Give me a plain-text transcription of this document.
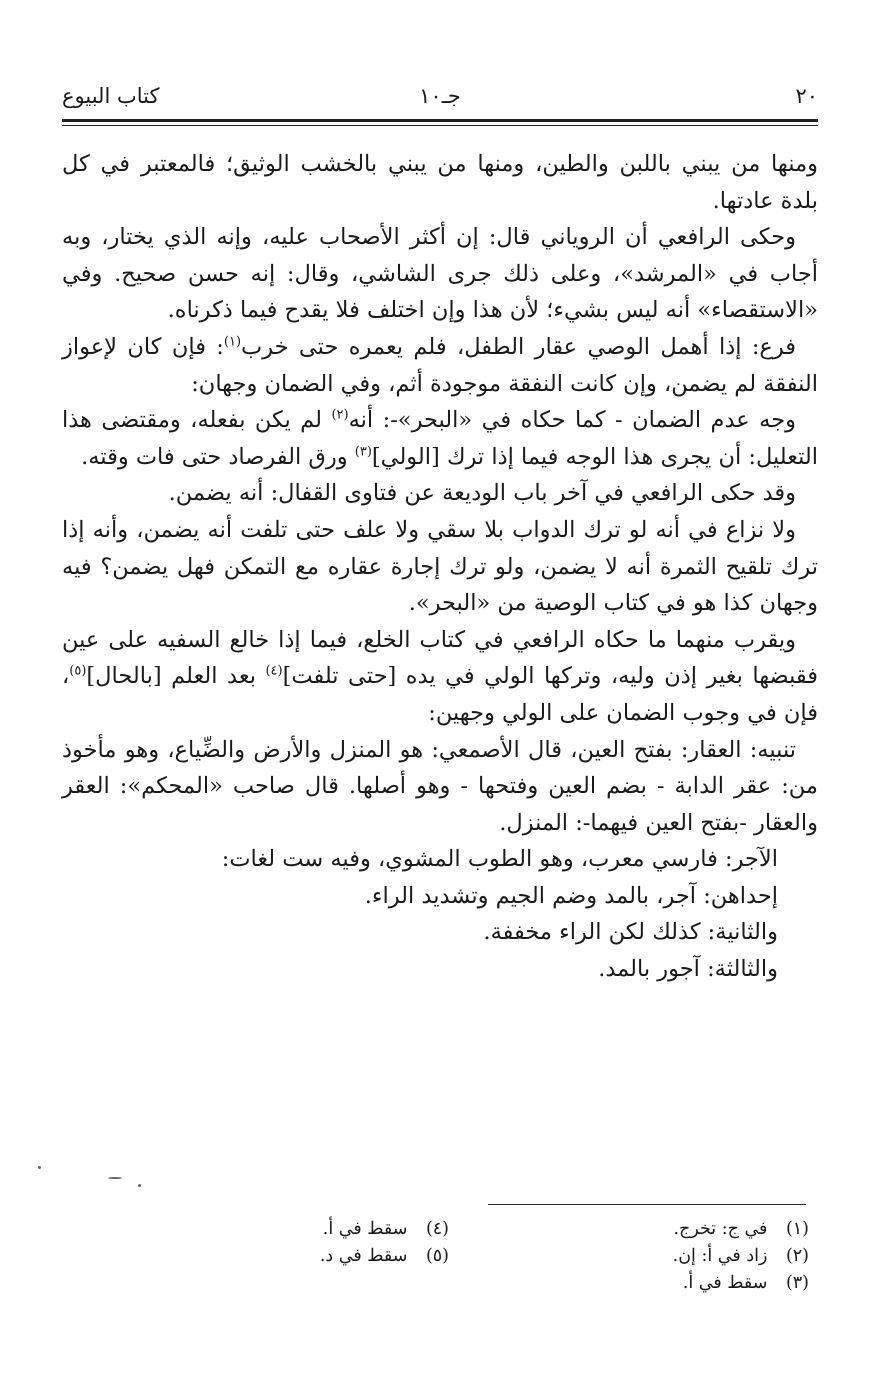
٢٠
جـ١٠
كتاب البيوع

ومنها من يبني باللبن والطين، ومنها من يبني بالخشب الوثيق؛ فالمعتبر في كل بلدة عادتها.

وحكى الرافعي أن الروياني قال: إن أكثر الأصحاب عليه، وإنه الذي يختار، وبه أجاب في «المرشد»، وعلى ذلك جرى الشاشي، وقال: إنه حسن صحيح. وفي «الاستقصاء» أنه ليس بشيء؛ لأن هذا وإن اختلف فلا يقدح فيما ذكرناه.

فرع: إذا أهمل الوصي عقار الطفل، فلم يعمره حتى خرب$^{(١)}$: فإن كان لإعواز النفقة لم يضمن، وإن كانت النفقة موجودة أثم، وفي الضمان وجهان:

وجه عدم الضمان - كما حكاه في «البحر»-: أنه$^{(٢)}$ لم يكن بفعله، ومقتضى هذا التعليل: أن يجرى هذا الوجه فيما إذا ترك [الولي]$^{(٣)}$ ورق الفرصاد حتى فات وقته.

وقد حكى الرافعي في آخر باب الوديعة عن فتاوى القفال: أنه يضمن.

ولا نزاع في أنه لو ترك الدواب بلا سقي ولا علف حتى تلفت أنه يضمن، وأنه إذا ترك تلقيح الثمرة أنه لا يضمن، ولو ترك إجارة عقاره مع التمكن فهل يضمن؟ فيه وجهان كذا هو في كتاب الوصية من «البحر».

ويقرب منهما ما حكاه الرافعي في كتاب الخلع، فيما إذا خالع السفيه على عين فقبضها بغير إذن وليه، وتركها الولي في يده [حتى تلفت]$^{(٤)}$ بعد العلم [بالحال]$^{(٥)}$، فإن في وجوب الضمان على الولي وجهين:

تنبيه: العقار: بفتح العين، قال الأصمعي: هو المنزل والأرض والضِّياع، وهو مأخوذ من: عقر الدابة - بضم العين وفتحها - وهو أصلها. قال صاحب «المحكم»: العقر والعقار -بفتح العين فيهما-: المنزل.

الآجر: فارسي معرب، وهو الطوب المشوي، وفيه ست لغات:

إحداهن: آجر، بالمد وضم الجيم وتشديد الراء.

والثانية: كذلك لكن الراء مخففة.

والثالثة: آجور بالمد.

(١) في ج: تخرج.
(٢) زاد في أ: إن.
(٣) سقط في أ.
(٤) سقط في أ.
(٥) سقط في د.
